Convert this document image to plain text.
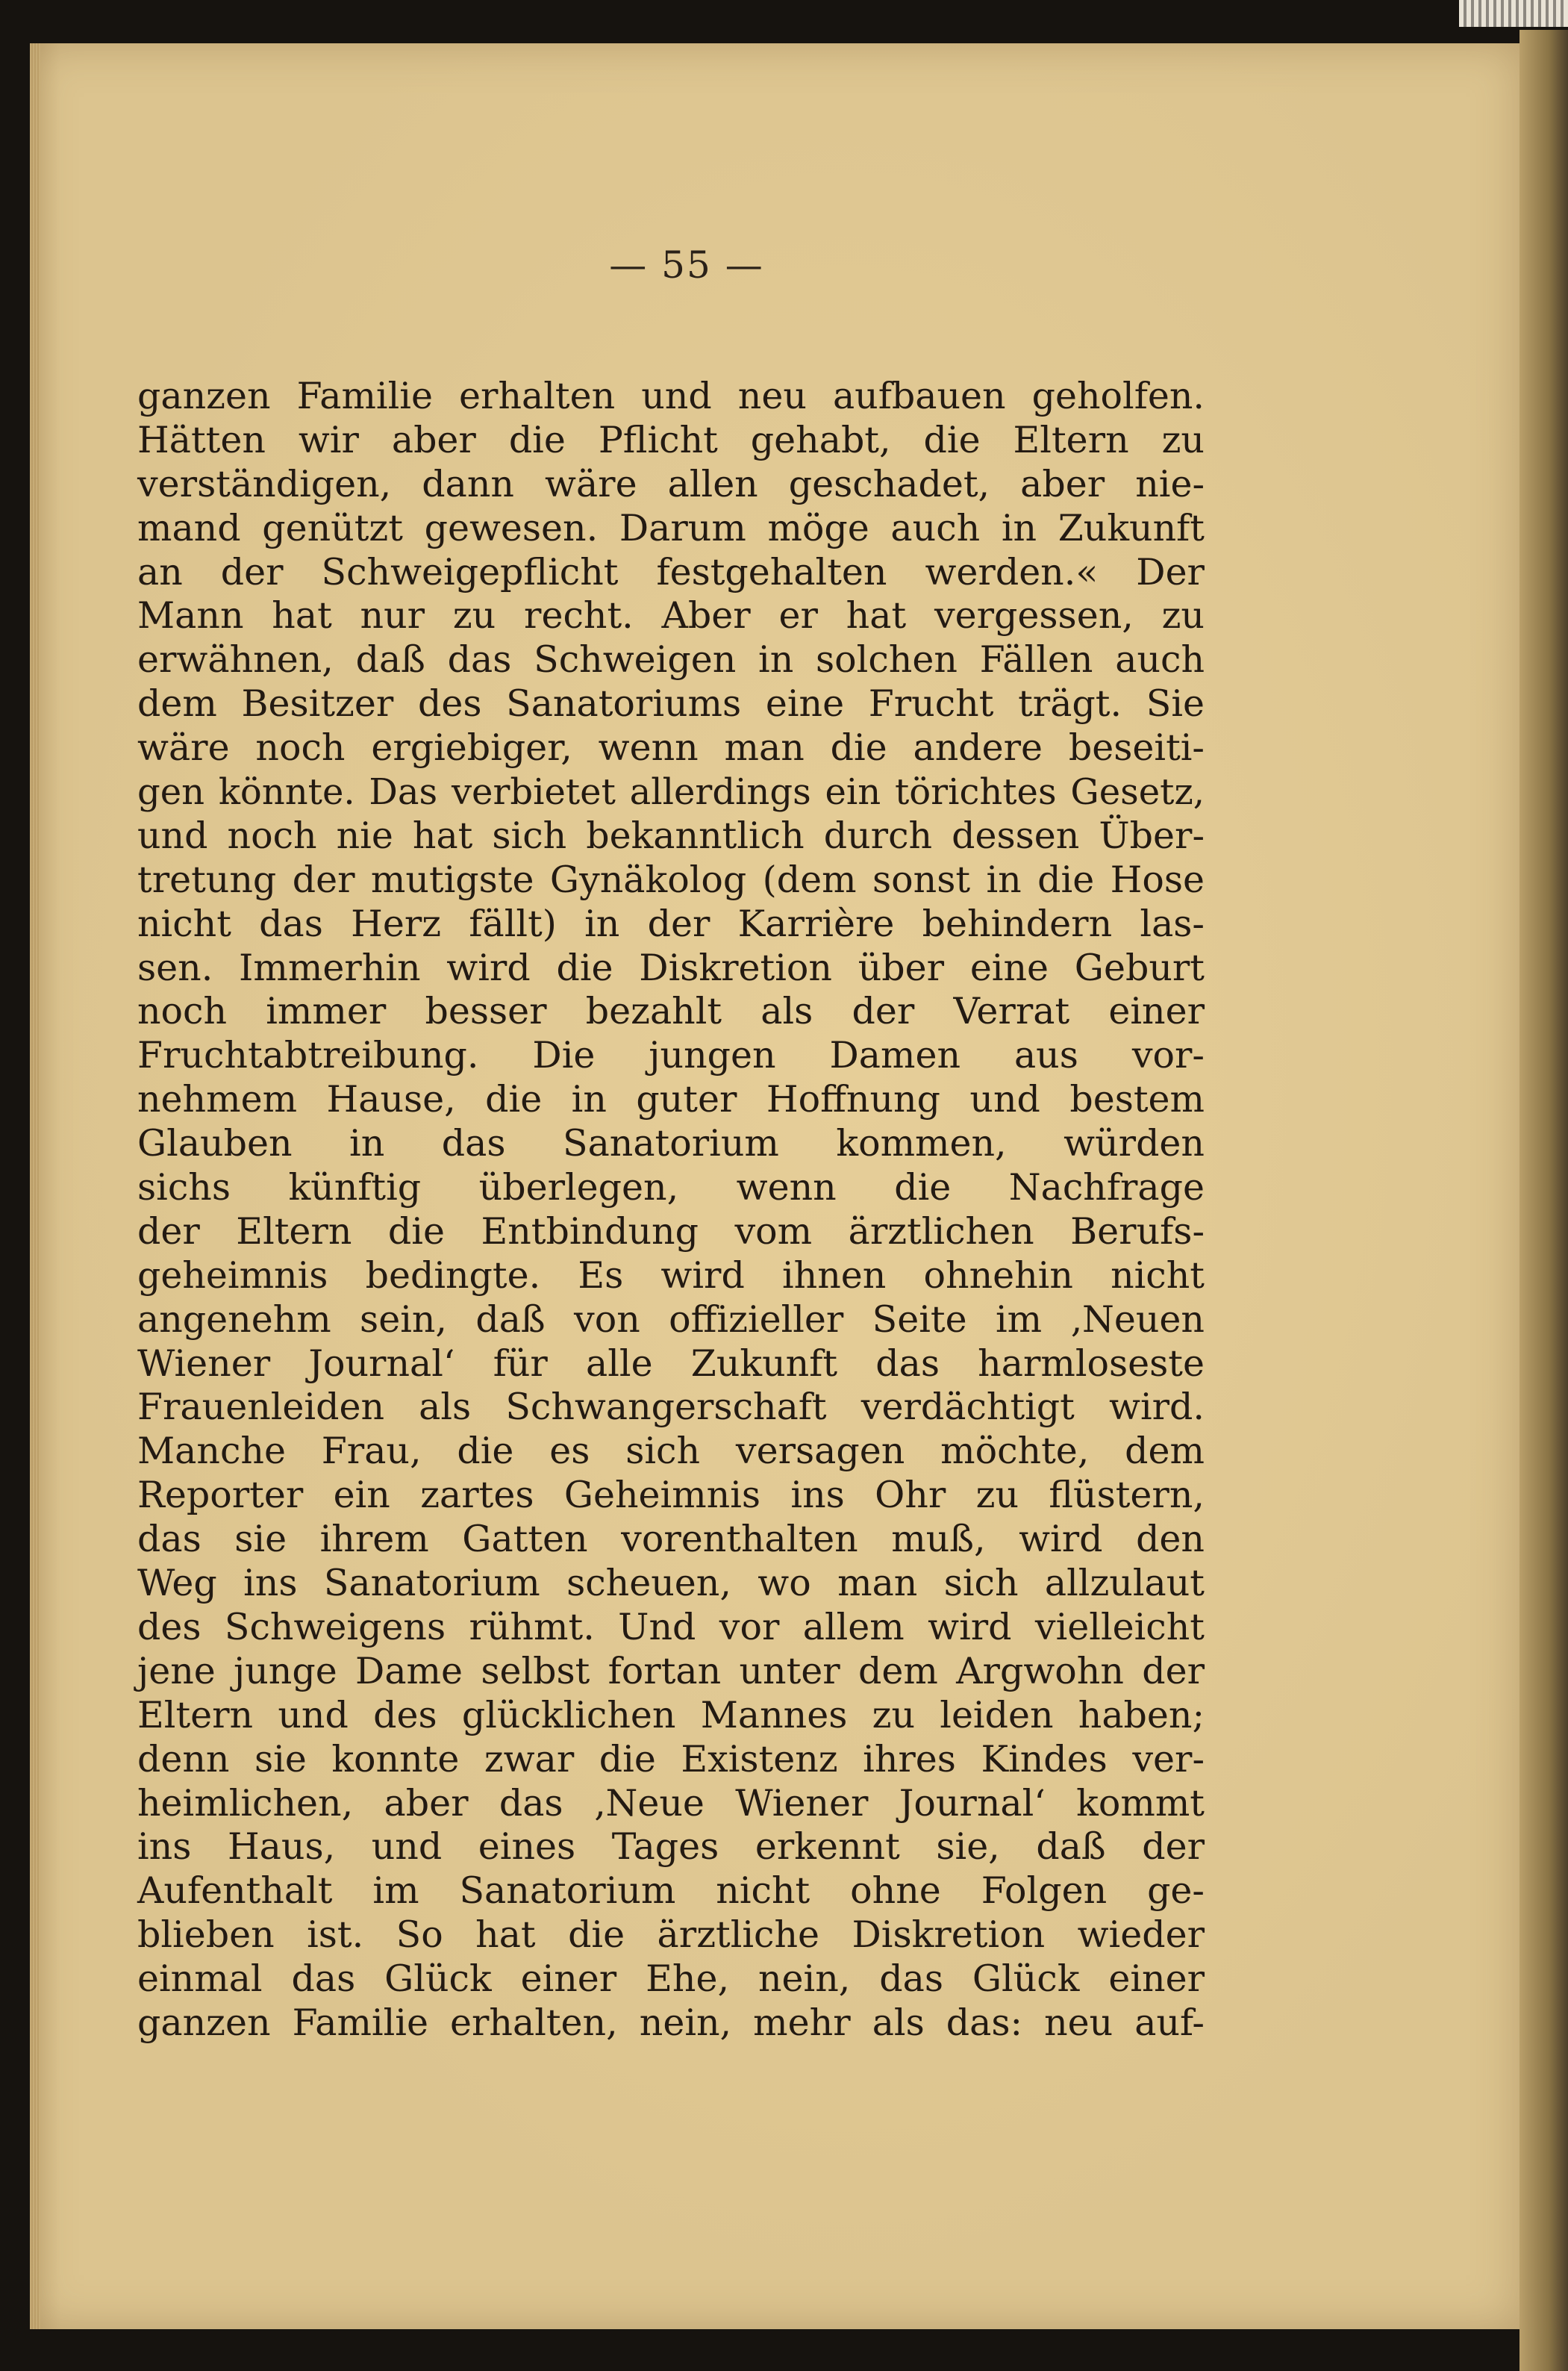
— 55 —
ganzen Familie erhalten und neu aufbauen geholfen.
Hätten wir aber die Pflicht gehabt, die Eltern zu
verständigen, dann wäre allen geschadet, aber nie-
mand genützt gewesen. Darum möge auch in Zukunft
an der Schweigepflicht festgehalten werden.« Der
Mann hat nur zu recht. Aber er hat vergessen, zu
erwähnen, daß das Schweigen in solchen Fällen auch
dem Besitzer des Sanatoriums eine Frucht trägt. Sie
wäre noch ergiebiger, wenn man die andere beseiti-
gen könnte. Das verbietet allerdings ein törichtes Gesetz,
und noch nie hat sich bekanntlich durch dessen Über-
tretung der mutigste Gynäkolog (dem sonst in die Hose
nicht das Herz fällt) in der Karrière behindern las-
sen. Immerhin wird die Diskretion über eine Geburt
noch immer besser bezahlt als der Verrat einer
Fruchtabtreibung. Die jungen Damen aus vor-
nehmem Hause, die in guter Hoffnung und bestem
Glauben in das Sanatorium kommen, würden
sichs künftig überlegen, wenn die Nachfrage
der Eltern die Entbindung vom ärztlichen Berufs-
geheimnis bedingte. Es wird ihnen ohnehin nicht
angenehm sein, daß von offizieller Seite im ‚Neuen
Wiener Journal‘ für alle Zukunft das harmloseste
Frauenleiden als Schwangerschaft verdächtigt wird.
Manche Frau, die es sich versagen möchte, dem
Reporter ein zartes Geheimnis ins Ohr zu flüstern,
das sie ihrem Gatten vorenthalten muß, wird den
Weg ins Sanatorium scheuen, wo man sich allzulaut
des Schweigens rühmt. Und vor allem wird vielleicht
jene junge Dame selbst fortan unter dem Argwohn der
Eltern und des glücklichen Mannes zu leiden haben;
denn sie konnte zwar die Existenz ihres Kindes ver-
heimlichen, aber das ‚Neue Wiener Journal‘ kommt
ins Haus, und eines Tages erkennt sie, daß der
Aufenthalt im Sanatorium nicht ohne Folgen ge-
blieben ist. So hat die ärztliche Diskretion wieder
einmal das Glück einer Ehe, nein, das Glück einer
ganzen Familie erhalten, nein, mehr als das: neu auf-
